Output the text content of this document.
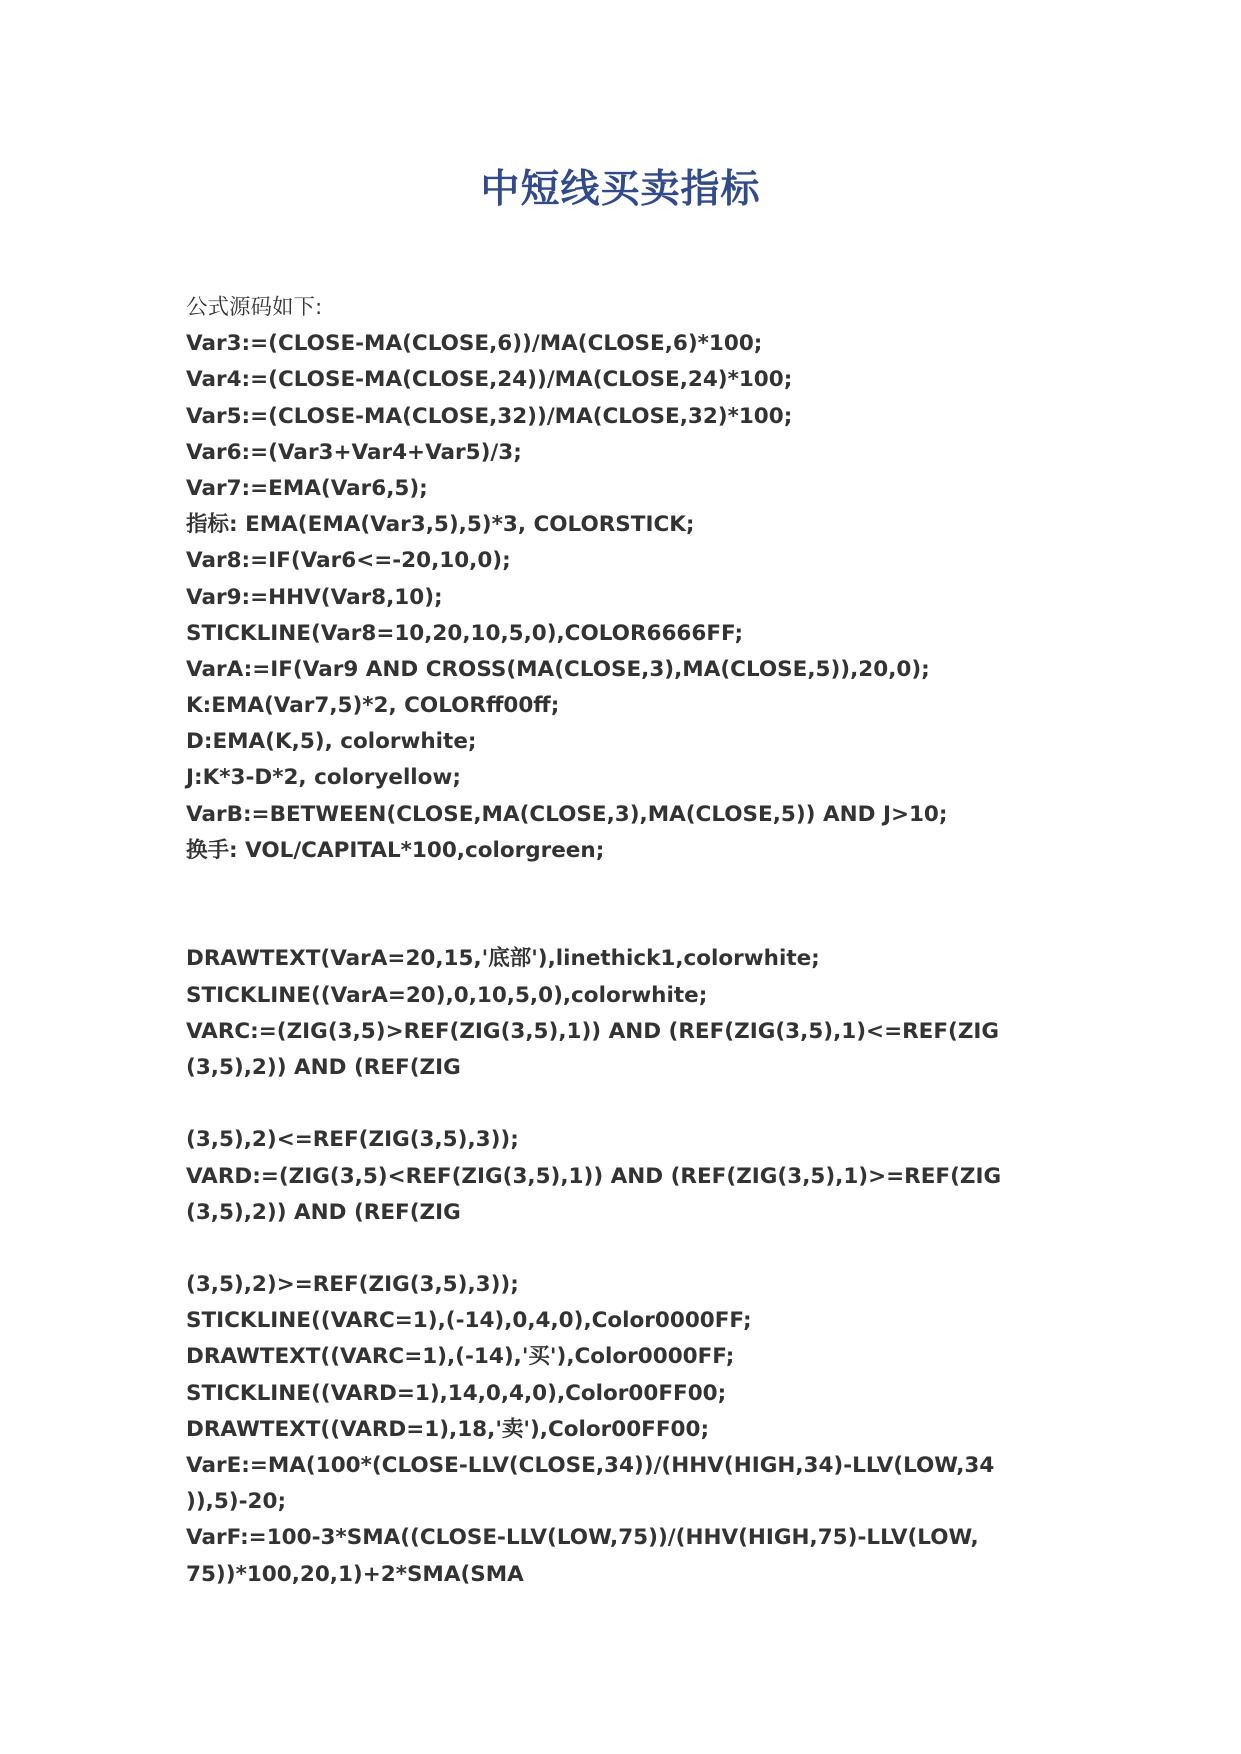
中短线买卖指标
公式源码如下:
Var3:=(CLOSE-MA(CLOSE,6))/MA(CLOSE,6)*100;
Var4:=(CLOSE-MA(CLOSE,24))/MA(CLOSE,24)*100;
Var5:=(CLOSE-MA(CLOSE,32))/MA(CLOSE,32)*100;
Var6:=(Var3+Var4+Var5)/3;
Var7:=EMA(Var6,5);
指标: EMA(EMA(Var3,5),5)*3, COLORSTICK;
Var8:=IF(Var6<=-20,10,0);
Var9:=HHV(Var8,10);
STICKLINE(Var8=10,20,10,5,0),COLOR6666FF;
VarA:=IF(Var9 AND CROSS(MA(CLOSE,3),MA(CLOSE,5)),20,0);
K:EMA(Var7,5)*2, COLORff00ff;
D:EMA(K,5), colorwhite;
J:K*3-D*2, coloryellow;
VarB:=BETWEEN(CLOSE,MA(CLOSE,3),MA(CLOSE,5)) AND J>10;
换手: VOL/CAPITAL*100,colorgreen;
DRAWTEXT(VarA=20,15,'底部'),linethick1,colorwhite;
STICKLINE((VarA=20),0,10,5,0),colorwhite;
VARC:=(ZIG(3,5)>REF(ZIG(3,5),1)) AND (REF(ZIG(3,5),1)<=REF(ZIG
(3,5),2)) AND (REF(ZIG
(3,5),2)<=REF(ZIG(3,5),3));
VARD:=(ZIG(3,5)<REF(ZIG(3,5),1)) AND (REF(ZIG(3,5),1)>=REF(ZIG
(3,5),2)) AND (REF(ZIG
(3,5),2)>=REF(ZIG(3,5),3));
STICKLINE((VARC=1),(-14),0,4,0),Color0000FF;
DRAWTEXT((VARC=1),(-14),'买'),Color0000FF;
STICKLINE((VARD=1),14,0,4,0),Color00FF00;
DRAWTEXT((VARD=1),18,'卖'),Color00FF00;
VarE:=MA(100*(CLOSE-LLV(CLOSE,34))/(HHV(HIGH,34)-LLV(LOW,34
)),5)-20;
VarF:=100-3*SMA((CLOSE-LLV(LOW,75))/(HHV(HIGH,75)-LLV(LOW,
75))*100,20,1)+2*SMA(SMA
